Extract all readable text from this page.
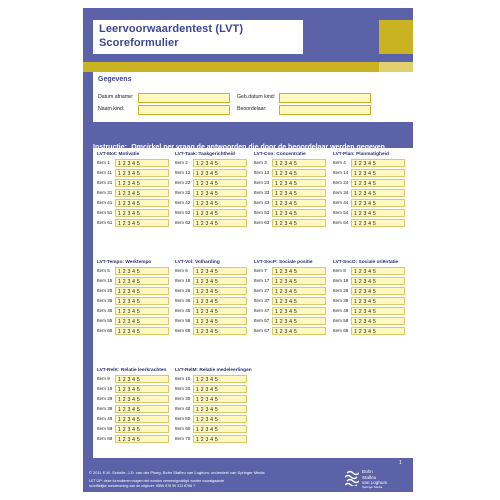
Leervoorwaardentest (LVT)
Scoreformulier
Gegevens
Datum afname:
Naam kind:
Geb.datum kind:
Beoordelaar:
LVT-Mot: Motivatie
Item 1	1 2 3 4 5
Item 11	1 2 3 4 5
Item 21	1 2 3 4 5
Item 31	1 2 3 4 5
Item 41	1 2 3 4 5
Item 51	1 2 3 4 5
Item 61	1 2 3 4 5
LVT-Taak: Taakgerichtheid
Item 2	1 2 3 4 5
Item 12	1 2 3 4 5
Item 22	1 2 3 4 5
Item 32	1 2 3 4 5
Item 42	1 2 3 4 5
Item 52	1 2 3 4 5
Item 62	1 2 3 4 5
LVT-Con: Concentratie
Item 3	1 2 3 4 5
Item 13	1 2 3 4 5
Item 23	1 2 3 4 5
Item 33	1 2 3 4 5
Item 43	1 2 3 4 5
Item 53	1 2 3 4 5
Item 63	1 2 3 4 5
LVT-Plan: Planmatigheid
Item 4	1 2 3 4 5
Item 14	1 2 3 4 5
Item 24	1 2 3 4 5
Item 34	1 2 3 4 5
Item 44	1 2 3 4 5
Item 54	1 2 3 4 5
Item 64	1 2 3 4 5
LVT-Tempo: Werktempo
Item 5	1 2 3 4 5
Item 15	1 2 3 4 5
Item 25	1 2 3 4 5
Item 35	1 2 3 4 5
Item 45	1 2 3 4 5
Item 55	1 2 3 4 5
Item 65	1 2 3 4 5
LVT-Vol: Volharding
Item 6	1 2 3 4 5
Item 16	1 2 3 4 5
Item 26	1 2 3 4 5
Item 36	1 2 3 4 5
Item 46	1 2 3 4 5
Item 56	1 2 3 4 5
Item 66	1 2 3 4 5
LVT-SocP: Sociale positie
Item 7	1 2 3 4 5
Item 17	1 2 3 4 5
Item 27	1 2 3 4 5
Item 37	1 2 3 4 5
Item 47	1 2 3 4 5
Item 57	1 2 3 4 5
Item 67	1 2 3 4 5
LVT-SocO: Sociale oriëntatie
Item 8	1 2 3 4 5
Item 18	1 2 3 4 5
Item 28	1 2 3 4 5
Item 38	1 2 3 4 5
Item 48	1 2 3 4 5
Item 58	1 2 3 4 5
Item 68	1 2 3 4 5
LVT-RelK: Relatie leerkrachten
Item 9	1 2 3 4 5
Item 19	1 2 3 4 5
Item 29	1 2 3 4 5
Item 39	1 2 3 4 5
Item 49	1 2 3 4 5
Item 59	1 2 3 4 5
Item 69	1 2 3 4 5
LVT-RelM: Relatie medeleerlingen
Item 10	1 2 3 4 5
Item 20	1 2 3 4 5
Item 30	1 2 3 4 5
Item 40	1 2 3 4 5
Item 50	1 2 3 4 5
Item 60	1 2 3 4 5
Item 70	1 2 3 4 5
1
© 2011 E.M. Scholte, J.D. van der Ploeg, Bohn Stafleu van Loghum, onderdeel van Springer Media
LET OP: deze formulieren mogen niet worden vermenigvuldigd zonder voorafgaande
schriftelijke toestemming van de uitgever. ISBN 978 90 313 8768 7
Bohn
Stafleu
van Loghum
Springer Media
